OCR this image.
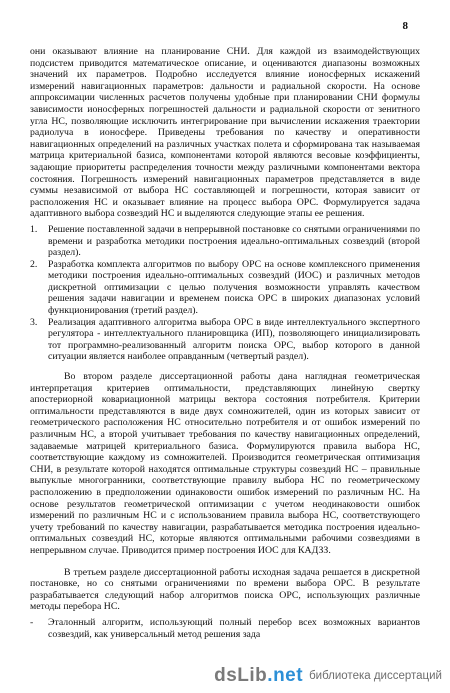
8

они оказывают влияние на планирование СНИ. Для каждой из взаимодействующих подсистем приводится математическое описание, и оцениваются диапазоны возможных значений их параметров. Подробно исследуется влияние ионосферных искажений измерений навигационных параметров: дальности и радиальной скорости. На основе аппроксимации численных расчетов получены удобные при планировании СНИ формулы зависимости ионосферных погрешностей дальности и радиальной скорости от зенитного угла НС, позволяющие исключить интегрирование при вычислении искажения траектории радиолуча в ионосфере. Приведены требования по качеству и оперативности навигационных определений на различных участках полета и сформирована так называемая матрица критериальной базиса, компонентами которой являются весовые коэффициенты, задающие приоритеты распределения точности между различными компонентами вектора состояния. Погрешность измерений навигационных параметров представляется в виде суммы независимой от выбора НС составляющей и погрешности, которая зависит от расположения НС и оказывает влияние на процесс выбора ОРС. Формулируется задача адаптивного выбора созвездий НС и выделяются следующие этапы ее решения.

1.	Решение поставленной задачи в непрерывной постановке со снятыми ограничениями по времени и разработка методики построения идеально-оптимальных созвездий (второй раздел).
2.	Разработка комплекта алгоритмов по выбору ОРС на основе комплексного применения методики построения идеально-оптимальных созвездий (ИОС) и различных методов дискретной оптимизации с целью получения возможности управлять качеством решения задачи навигации и временем поиска ОРС в широких диапазонах условий функционирования (третий раздел).
3.	Реализация адаптивного алгоритма выбора ОРС в виде интеллектуального экспертного регулятора - интеллектуального планировщика (ИП), позволяющего инициализировать тот программно-реализованный алгоритм поиска ОРС, выбор которого в данной ситуации является наиболее оправданным (четвертый раздел).

Во втором разделе диссертационной работы дана наглядная геометрическая интерпретация критериев оптимальности, представляющих линейную свертку апостериорной ковариационной матрицы вектора состояния потребителя. Критерии оптимальности представляются в виде двух сомножителей, один из которых зависит от геометрического расположения НС относительно потребителя и от ошибок измерений по различным НС, а второй учитывает требования по качеству навигационных определений, задаваемые матрицей критериального базиса. Формулируются правила выбора НС, соответствующие каждому из сомножителей. Производится геометрическая оптимизация СНИ, в результате которой находятся оптимальные структуры созвездий НС – правильные выпуклые многогранники, соответствующие правилу выбора НС по геометрическому расположению в предположении одинаковости ошибок измерений по различным НС. На основе результатов геометрической оптимизации с учетом неодинаковости ошибок измерений по различным НС и с использованием правила выбора НС, соответствующего учету требований по качеству навигации, разрабатывается методика построения идеально-оптимальных созвездий НС, которые являются оптимальными рабочими созвездиями в непрерывном случае. Приводится пример построения ИОС для КАДЗЗ.

В третьем разделе диссертационной работы исходная задача решается в дискретной постановке, но со снятыми ограничениями по времени выбора ОРС. В результате разрабатывается следующий набор алгоритмов поиска ОРС, использующих различные методы перебора НС.

-	Эталонный алгоритм, использующий полный перебор всех возможных вариантов созвездий, как универсальный метод решения зада
dsLib.net библиотека диссертаций
